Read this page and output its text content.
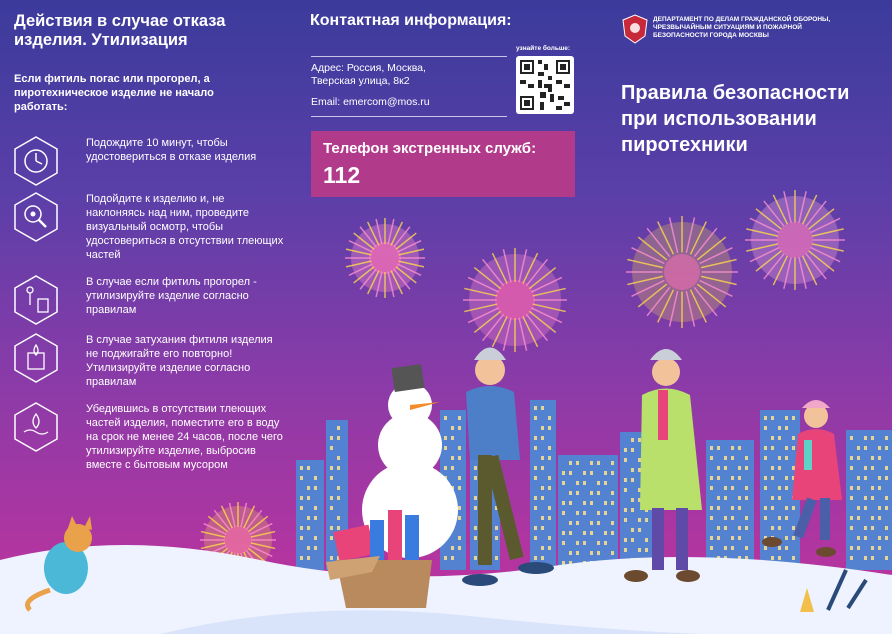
Действия в случае отказа изделия. Утилизация
Если фитиль погас или прогорел, а пиротехническое изделие не начало работать:
Подождите 10 минут, чтобы удостовериться в отказе изделия
Подойдите к изделию и, не наклоняясь над ним, проведите визуальный осмотр, чтобы удостовериться в отсутствии тлеющих частей
В случае если фитиль прогорел - утилизируйте изделие согласно правилам
В случае затухания фитиля изделия не поджигайте его повторно! Утилизируйте изделие согласно правилам
Убедившись в отсутствии тлеющих частей изделия, поместите его в воду на срок не менее 24 часов, после чего утилизируйте изделие, выбросив вместе с бытовым мусором
Контактная информация:
Адрес: Россия, Москва, Тверская улица, 8к2
Email: emercom@mos.ru
узнайте больше:
Телефон экстренных служб:
112
ДЕПАРТАМЕНТ ПО ДЕЛАМ ГРАЖДАНСКОЙ ОБОРОНЫ, ЧРЕЗВЫЧАЙНЫМ СИТУАЦИЯМ И ПОЖАРНОЙ БЕЗОПАСНОСТИ ГОРОДА МОСКВЫ
Правила безопасности при использовании пиротехники
